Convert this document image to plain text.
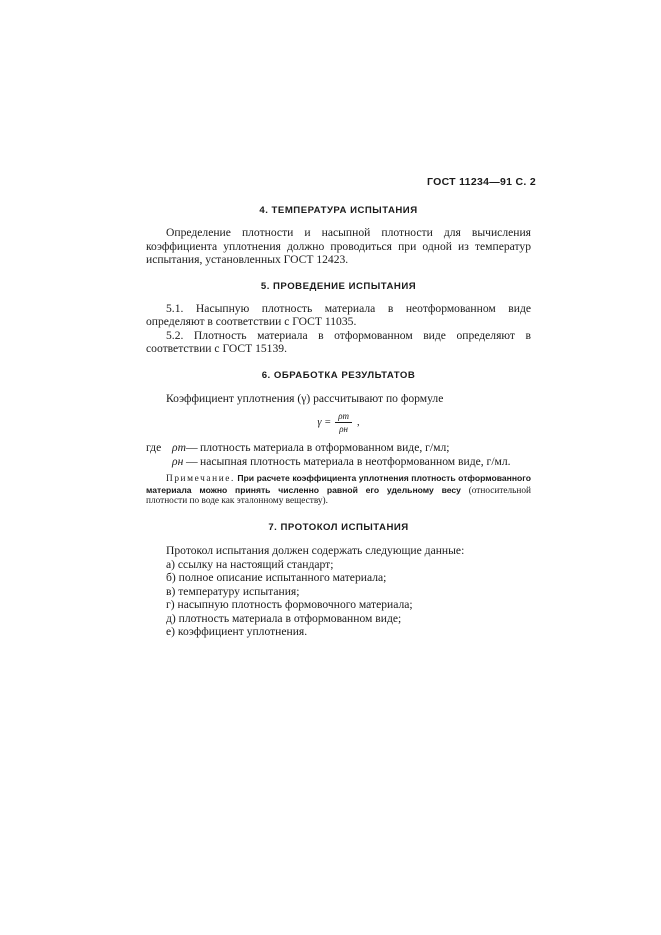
ГОСТ 11234—91 С. 2
4. ТЕМПЕРАТУРА ИСПЫТАНИЯ

Определение плотности и насыпной плотности для вычисления коэффициента уплотнения должно проводиться при одной из температур испытания, установленных ГОСТ 12423.

5. ПРОВЕДЕНИЕ ИСПЫТАНИЯ

5.1. Насыпную плотность материала в неотформованном виде определяют в соответствии с ГОСТ 11035.

5.2. Плотность материала в отформованном виде определяют в соответствии с ГОСТ 15139.

6. ОБРАБОТКА РЕЗУЛЬТАТОВ

Коэффициент уплотнения (γ) рассчитывают по формуле

$\gamma = \frac{\rho m}{\rho н}$ ,
где ρm — плотность материала в отформованном виде, г/мл;
ρн — насыпная плотность материала в неотформованном виде, г/мл.

Примечание. При расчете коэффициента уплотнения плотность отформованного материала можно принять численно равной его удельному весу (относительной плотности по воде как эталонному веществу).

7. ПРОТОКОЛ ИСПЫТАНИЯ

Протокол испытания должен содержать следующие данные:

а) ссылку на настоящий стандарт;

б) полное описание испытанного материала;

в) температуру испытания;

г) насыпную плотность формовочного материала;

д) плотность материала в отформованном виде;

е) коэффициент уплотнения.
